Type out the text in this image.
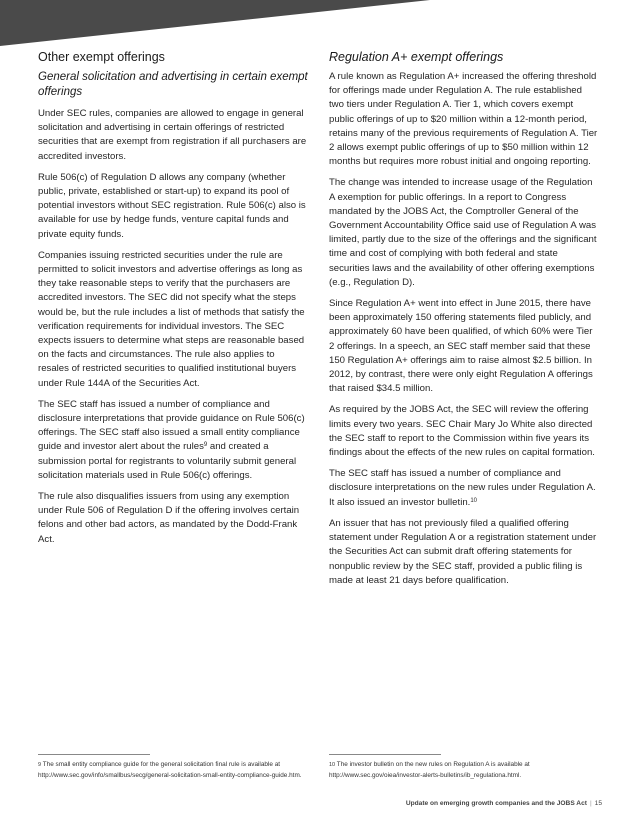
Other exempt offerings
General solicitation and advertising in certain exempt offerings

Under SEC rules, companies are allowed to engage in general solicitation and advertising in certain offerings of restricted securities that are exempt from registration if all purchasers are accredited investors.

Rule 506(c) of Regulation D allows any company (whether public, private, established or start-up) to expand its pool of potential investors without SEC registration. Rule 506(c) also is available for use by hedge funds, venture capital funds and private equity funds.

Companies issuing restricted securities under the rule are permitted to solicit investors and advertise offerings as long as they take reasonable steps to verify that the purchasers are accredited investors. The SEC did not specify what the steps would be, but the rule includes a list of methods that satisfy the verification requirements for individual investors. The SEC expects issuers to determine what steps are reasonable based on the facts and circumstances. The rule also applies to resales of restricted securities to qualified institutional buyers under Rule 144A of the Securities Act.

The SEC staff has issued a number of compliance and disclosure interpretations that provide guidance on Rule 506(c) offerings. The SEC staff also issued a small entity compliance guide and investor alert about the rules$^9$ and created a submission portal for registrants to voluntarily submit general solicitation materials used in Rule 506(c) offerings.

The rule also disqualifies issuers from using any exemption under Rule 506 of Regulation D if the offering involves certain felons and other bad actors, as mandated by the Dodd-Frank Act.

Regulation A+ exempt offerings

A rule known as Regulation A+ increased the offering threshold for offerings made under Regulation A. The rule established two tiers under Regulation A. Tier 1, which covers exempt public offerings of up to $20 million within a 12-month period, retains many of the previous requirements of Regulation A. Tier 2 allows exempt public offerings of up to $50 million within 12 months but requires more robust initial and ongoing reporting.

The change was intended to increase usage of the Regulation A exemption for public offerings. In a report to Congress mandated by the JOBS Act, the Comptroller General of the Government Accountability Office said use of Regulation A was limited, partly due to the size of the offerings and the significant time and cost of complying with both federal and state securities laws and the availability of other offering exemptions (e.g., Regulation D).

Since Regulation A+ went into effect in June 2015, there have been approximately 150 offering statements filed publicly, and approximately 60 have been qualified, of which 60% were Tier 2 offerings. In a speech, an SEC staff member said that these 150 Regulation A+ offerings aim to raise almost $2.5 billion. In 2012, by contrast, there were only eight Regulation A offerings that raised $34.5 million.

As required by the JOBS Act, the SEC will review the offering limits every two years. SEC Chair Mary Jo White also directed the SEC staff to report to the Commission within five years its findings about the effects of the new rules on capital formation.

The SEC staff has issued a number of compliance and disclosure interpretations on the new rules under Regulation A. It also issued an investor bulletin.$^{10}$

An issuer that has not previously filed a qualified offering statement under Regulation A or a registration statement under the Securities Act can submit draft offering statements for nonpublic review by the SEC staff, provided a public filing is made at least 21 days before qualification.

9 The small entity compliance guide for the general solicitation final rule is available at http://www.sec.gov/info/smallbus/secg/general-solicitation-small-entity-compliance-guide.htm.
10 The investor bulletin on the new rules on Regulation A is available at http://www.sec.gov/oiea/investor-alerts-bulletins/ib_regulationa.html.
Update on emerging growth companies and the JOBS Act | 15
